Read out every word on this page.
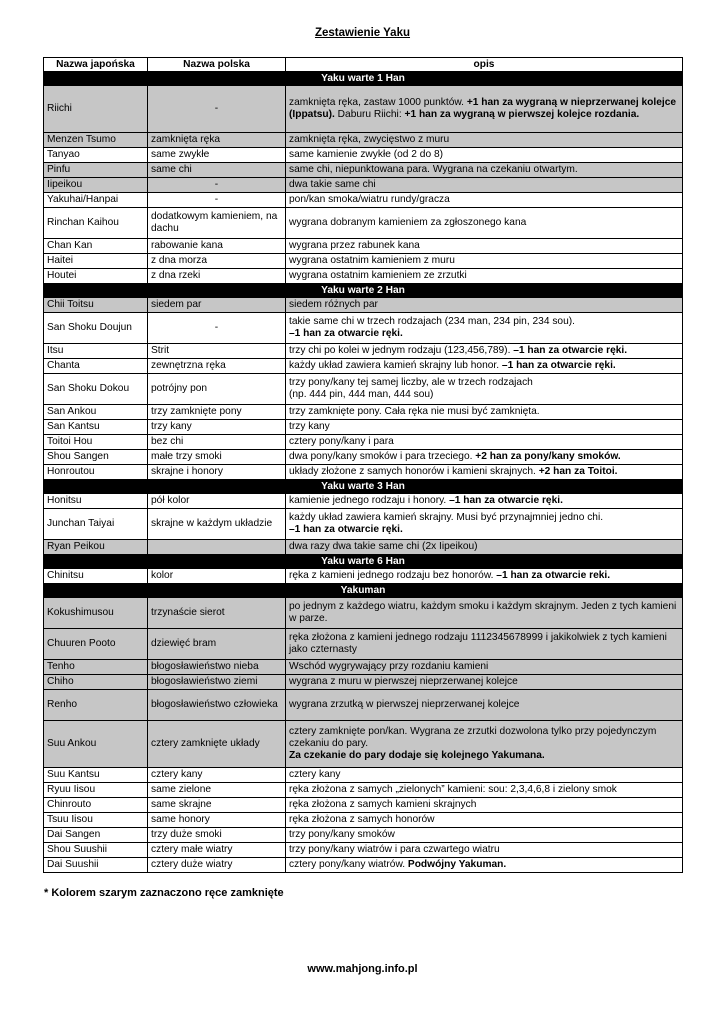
Zestawienie Yaku
Nazwa japońska	Nazwa polska	opis
Yaku warte 1 Han		
Riichi	-	zamknięta ręka, zastaw 1000 punktów. +1 han za wygraną w nieprzerwanej kolejce (Ippatsu). Daburu Riichi: +1 han za wygraną w pierwszej kolejce rozdania.
Menzen Tsumo	zamknięta ręka	zamknięta ręka, zwycięstwo z muru
Tanyao	same zwykłe	same kamienie zwykłe (od 2 do 8)
Pinfu	same chi	same chi, niepunktowana para. Wygrana na czekaniu otwartym.
Iipeikou	-	dwa takie same chi
Yakuhai/Hanpai	-	pon/kan smoka/wiatru rundy/gracza
Rinchan Kaihou	dodatkowym kamieniem, na dachu	wygrana dobranym kamieniem za zgłoszonego kana
Chan Kan	rabowanie kana	wygrana przez rabunek kana
Haitei	z dna morza	wygrana ostatnim kamieniem z muru
Houtei	z dna rzeki	wygrana ostatnim kamieniem ze zrzutki
Yaku warte 2 Han		
Chii Toitsu	siedem par	siedem różnych par
San Shoku Doujun	-	takie same chi w trzech rodzajach (234 man, 234 pin, 234 sou).
–1 han za otwarcie ręki.
Itsu	Strit	trzy chi po kolei w jednym rodzaju (123,456,789). –1 han za otwarcie ręki.
Chanta	zewnętrzna ręka	każdy układ zawiera kamień skrajny lub honor. –1 han za otwarcie ręki.
San Shoku Dokou	potrójny pon	trzy pony/kany tej samej liczby, ale w trzech rodzajach
(np. 444 pin, 444 man, 444 sou)
San Ankou	trzy zamknięte pony	trzy zamknięte pony. Cała ręka nie musi być zamknięta.
San Kantsu	trzy kany	trzy kany
Toitoi Hou	bez chi	cztery pony/kany i para
Shou Sangen	małe trzy smoki	dwa pony/kany smoków i para trzeciego. +2 han za pony/kany smoków.
Honroutou	skrajne i honory	układy złożone z samych honorów i kamieni skrajnych. +2 han za Toitoi.
Yaku warte 3 Han		
Honitsu	pół kolor	kamienie jednego rodzaju i honory. –1 han za otwarcie ręki.
Junchan Taiyai	skrajne w każdym układzie	każdy układ zawiera kamień skrajny. Musi być przynajmniej jedno chi.
–1 han za otwarcie ręki.
Ryan Peikou		dwa razy dwa takie same chi (2x Iipeikou)
Yaku warte 6 Han		
Chinitsu	kolor	ręka z kamieni jednego rodzaju bez honorów. –1 han za otwarcie reki.
Yakuman		
Kokushimusou	trzynaście sierot	po jednym z każdego wiatru, każdym smoku i każdym skrajnym. Jeden z tych kamieni w parze.
Chuuren Pooto	dziewięć bram	ręka złożona z kamieni jednego rodzaju 1112345678999 i jakikolwiek z tych kamieni jako czternasty
Tenho	błogosławieństwo nieba	Wschód wygrywający przy rozdaniu kamieni
Chiho	błogosławieństwo ziemi	wygrana z muru w pierwszej nieprzerwanej kolejce
Renho	błogosławieństwo człowieka	wygrana zrzutką w pierwszej nieprzerwanej kolejce
Suu Ankou	cztery zamknięte układy	cztery zamknięte pon/kan. Wygrana ze zrzutki dozwolona tylko przy pojedynczym czekaniu do pary.
Za czekanie do pary dodaje się kolejnego Yakumana.
Suu Kantsu	cztery kany	cztery kany
Ryuu Iisou	same zielone	ręka złożona z samych „zielonych” kamieni: sou: 2,3,4,6,8 i zielony smok
Chinrouto	same skrajne	ręka złożona z samych kamieni skrajnych
Tsuu Iisou	same honory	ręka złożona z samych honorów
Dai Sangen	trzy duże smoki	trzy pony/kany smoków
Shou Suushii	cztery małe wiatry	trzy pony/kany wiatrów i para czwartego wiatru
Dai Suushii	cztery duże wiatry	cztery pony/kany wiatrów. Podwójny Yakuman.
* Kolorem szarym zaznaczono ręce zamknięte
www.mahjong.info.pl
